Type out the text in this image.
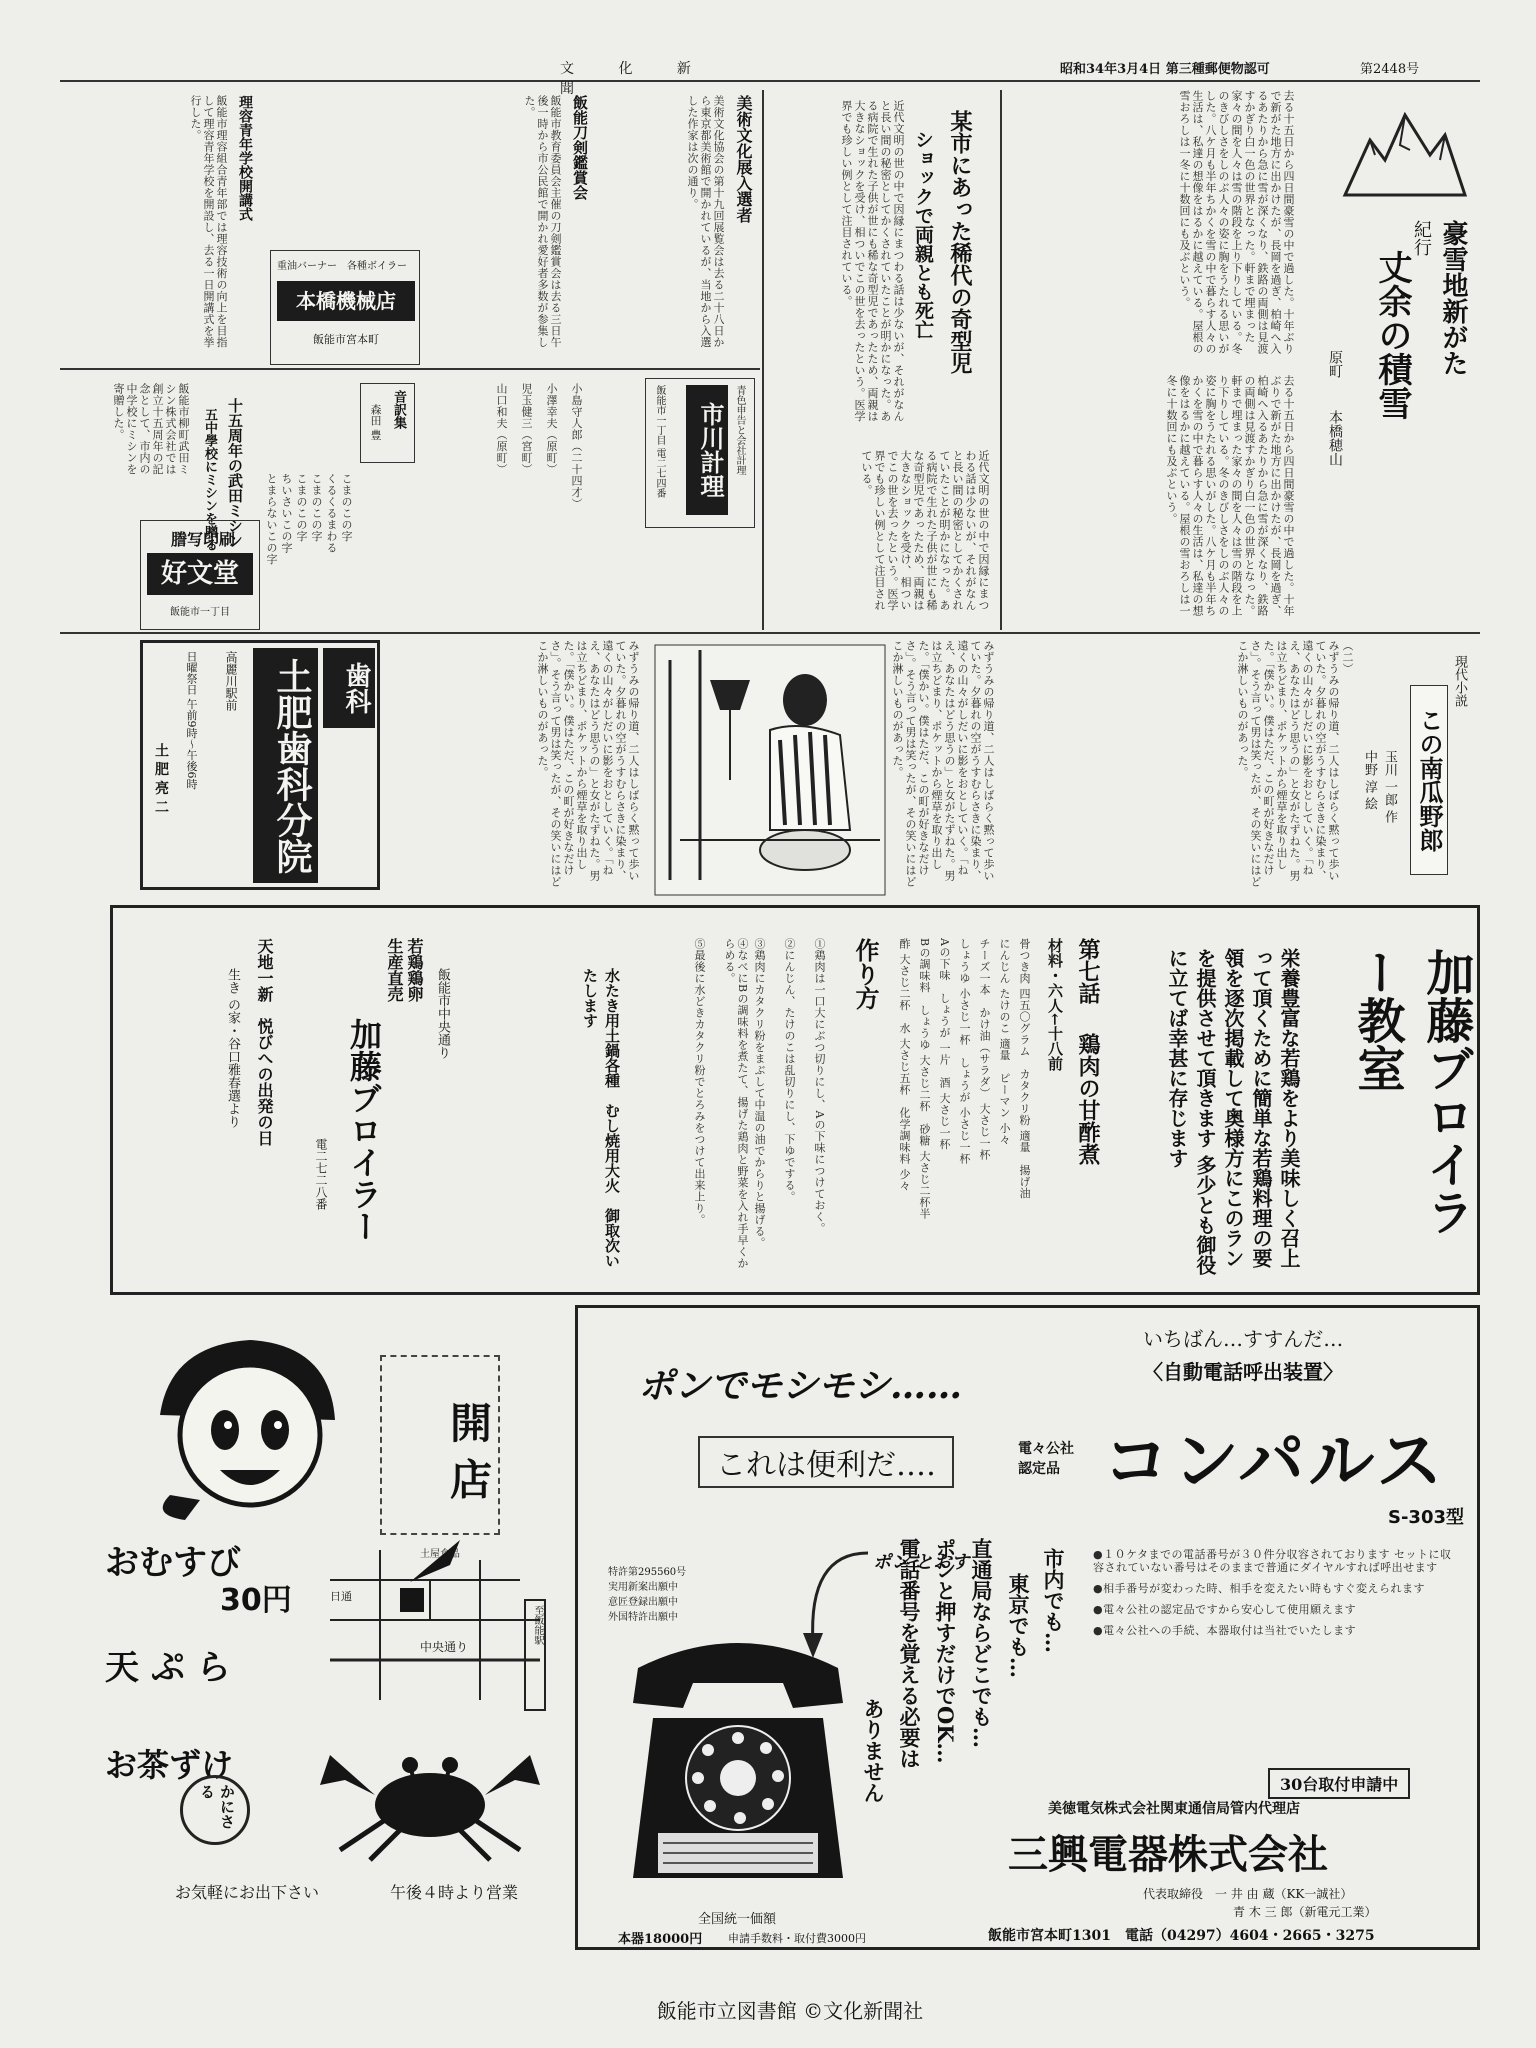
第2448号
昭和34年3月4日 第三種郵便物認可
文 化 新 聞
豪雪地新がた
紀行
丈余の積雪
原町
本橋穂山
去る十五日から四日間豪雪の中で過した。十年ぶりで新がた地方に出かけたが、長岡を過ぎ、柏崎へ入るあたりから急に雪が深くなり、鉄路の両側は見渡すかぎり白一色の世界となった。軒まで埋まった家々の間を人々は雪の階段を上り下りしている。冬のきびしさをしのぶ人々の姿に胸をうたれる思いがした。八ケ月も半年ちかくを雪の中で暮らす人々の生活は、私達の想像をはるかに越えている。屋根の雪おろしは一冬に十数回にも及ぶという。
去る十五日から四日間豪雪の中で過した。十年ぶりで新がた地方に出かけたが、長岡を過ぎ、柏崎へ入るあたりから急に雪が深くなり、鉄路の両側は見渡すかぎり白一色の世界となった。軒まで埋まった家々の間を人々は雪の階段を上り下りしている。冬のきびしさをしのぶ人々の姿に胸をうたれる思いがした。八ケ月も半年ちかくを雪の中で暮らす人々の生活は、私達の想像をはるかに越えている。屋根の雪おろしは一冬に十数回にも及ぶという。
某市にあった稀代の奇型児
ショックで両親とも死亡
近代文明の世の中で因縁にまつわる話は少ないが、それがなんと長い間の秘密としてかくされていたことが明かになった。ある病院で生れた子供が世にも稀な奇型児であったため、両親は大きなショックを受け、相ついでこの世を去ったという。医学界でも珍しい例として注目されている。
近代文明の世の中で因縁にまつわる話は少ないが、それがなんと長い間の秘密としてかくされていたことが明かになった。ある病院で生れた子供が世にも稀な奇型児であったため、両親は大きなショックを受け、相ついでこの世を去ったという。医学界でも珍しい例として注目されている。
美術文化展入選者
美術文化協会の第十九回展覧会は去る二十八日から東京都美術館で開かれているが、当地から入選した作家は次の通り。
飯能刀剣鑑賞会
飯能市教育委員会主催の刀剣鑑賞会は去る三日午後一時から市公民館で開かれ愛好者多数が参集した。
理容青年学校開講式
飯能市理容組合青年部では理容技術の向上を目指して理容青年学校を開設し、去る一日開講式を挙行した。
重油バーナー　各種ボイラー
本橋機械店
飯能市宮本町
小島守人郎（二十四才）
小澤幸夫（原町）
児玉健三（宮町）
山口和夫（原町）	青色申告と会社計理
市川計理
飯能市一丁目 電二七四番
音訳集
森田 豊
こまのこの字
くるくるまわる
こまのこの字
こまのこの字
ちいさいこの字
とまらないこの字
十五周年の武田ミシン
五中學校にミシンを贈る
飯能市柳町武田ミシン株式会社では創立十五周年の記念として、市内の中学校にミシンを寄贈した。
謄写印刷
好文堂
飯能市一丁目
現代小説
この南瓜野郎
玉川 一郎 作
中野 淳 絵
（二）
みずうみの帰り道、二人はしばらく黙って歩いていた。夕暮れの空がうすむらさきに染まり、遠くの山々がしだいに影をおとしていく。「ねえ、あなたはどう思うの」と女がたずねた。男は立ちどまり、ポケットから煙草を取り出した。「僕かい。僕はただ、この町が好きなだけさ」。そう言って男は笑ったが、その笑いにはどこか淋しいものがあった。
みずうみの帰り道、二人はしばらく黙って歩いていた。夕暮れの空がうすむらさきに染まり、遠くの山々がしだいに影をおとしていく。「ねえ、あなたはどう思うの」と女がたずねた。男は立ちどまり、ポケットから煙草を取り出した。「僕かい。僕はただ、この町が好きなだけさ」。そう言って男は笑ったが、その笑いにはどこか淋しいものがあった。
みずうみの帰り道、二人はしばらく黙って歩いていた。夕暮れの空がうすむらさきに染まり、遠くの山々がしだいに影をおとしていく。「ねえ、あなたはどう思うの」と女がたずねた。男は立ちどまり、ポケットから煙草を取り出した。「僕かい。僕はただ、この町が好きなだけさ」。そう言って男は笑ったが、その笑いにはどこか淋しいものがあった。
歯科
土肥歯科分院
高麗川駅前
日曜祭日 午前9時～午後6時
土 肥 亮 二
加藤ブロイラー教室
栄養豊富な若鶏をより美味しく召上って頂くために簡単な若鶏料理の要領を逐次掲載して奥様方にこのランを提供させて頂きます 多少とも御役に立てば幸甚に存じます
第七話
鶏肉の甘酢煮
材料・六人←十八前
骨つき肉 四五〇グラム　カタクリ粉 適量　揚げ油
にんじん たけのこ 適量　ピーマン 小々
チーズ一本　かけ油（サラダ） 大さじ一杯
しょうゆ 小さじ一杯　しょうが 小さじ一杯
Aの下味　しょうが 一片　酒 大さじ一杯
Bの調味料　しょうゆ 大さじ二杯　砂糖 大さじ二杯半
酢 大さじ二杯　水 大さじ五杯　化学調味料 少々
作り方
①鶏肉は一口大にぶつ切りにし、Aの下味につけておく。
②にんじん、たけのこは乱切りにし、下ゆでする。
③鶏肉にカタクリ粉をまぶして中温の油でからりと揚げる。
④なべにBの調味料を煮たて、揚げた鶏肉と野菜を入れ手早くからめる。
⑤最後に水どきカタクリ粉でとろみをつけて出来上り。
水たき用土鍋各種　むし焼用大火　御取次いたします
飯能市中央通り
若鶏鶏卵
生産直売
加藤ブロイラー
電二七二八番
天地一新　悦びへの出発の日
生き の家・谷口雅春選より
開 店
おむすび
30円
天 ぷ ら
お茶ずけ
中央通り
至飯能駅
日通
土屋食品
かにさる
お気軽にお出下さい	午後４時より営業
ポンでモシモシ……
これは便利だ‥‥
いちばん…すすんだ…
〈自動電話呼出装置〉
電々公社
認定品 コンパルス
S-303型
特許第295560号
実用新案出願中
意匠登録出願中
外国特許出願中
ポン とおす
全国統一価額
本器18000円 申請手数料・取付費3000円
市内でも…
東京でも…
直通局ならどこでも…
ポンと押すだけでOK…
電話番号を覚える必要は
ありません
●１０ケタまでの電話番号が３０件分収容されております セットに収容されていない番号はそのままで普通にダイヤルすれば呼出せます
●相手番号が変わった時、相手を変えたい時もすぐ変えられます
●電々公社の認定品ですから安心して使用願えます
●電々公社への手続、本器取付は当社でいたします
30台取付申請中
美徳電気株式会社関東通信局管内代理店
三興電器株式会社
代表取締役　一 井 由 蔵（KK一誠社）
青 木 三 郎（新電元工業）
飯能市宮本町1301　電話（04297）4604・2665・3275
飯能市立図書館 ©文化新聞社
